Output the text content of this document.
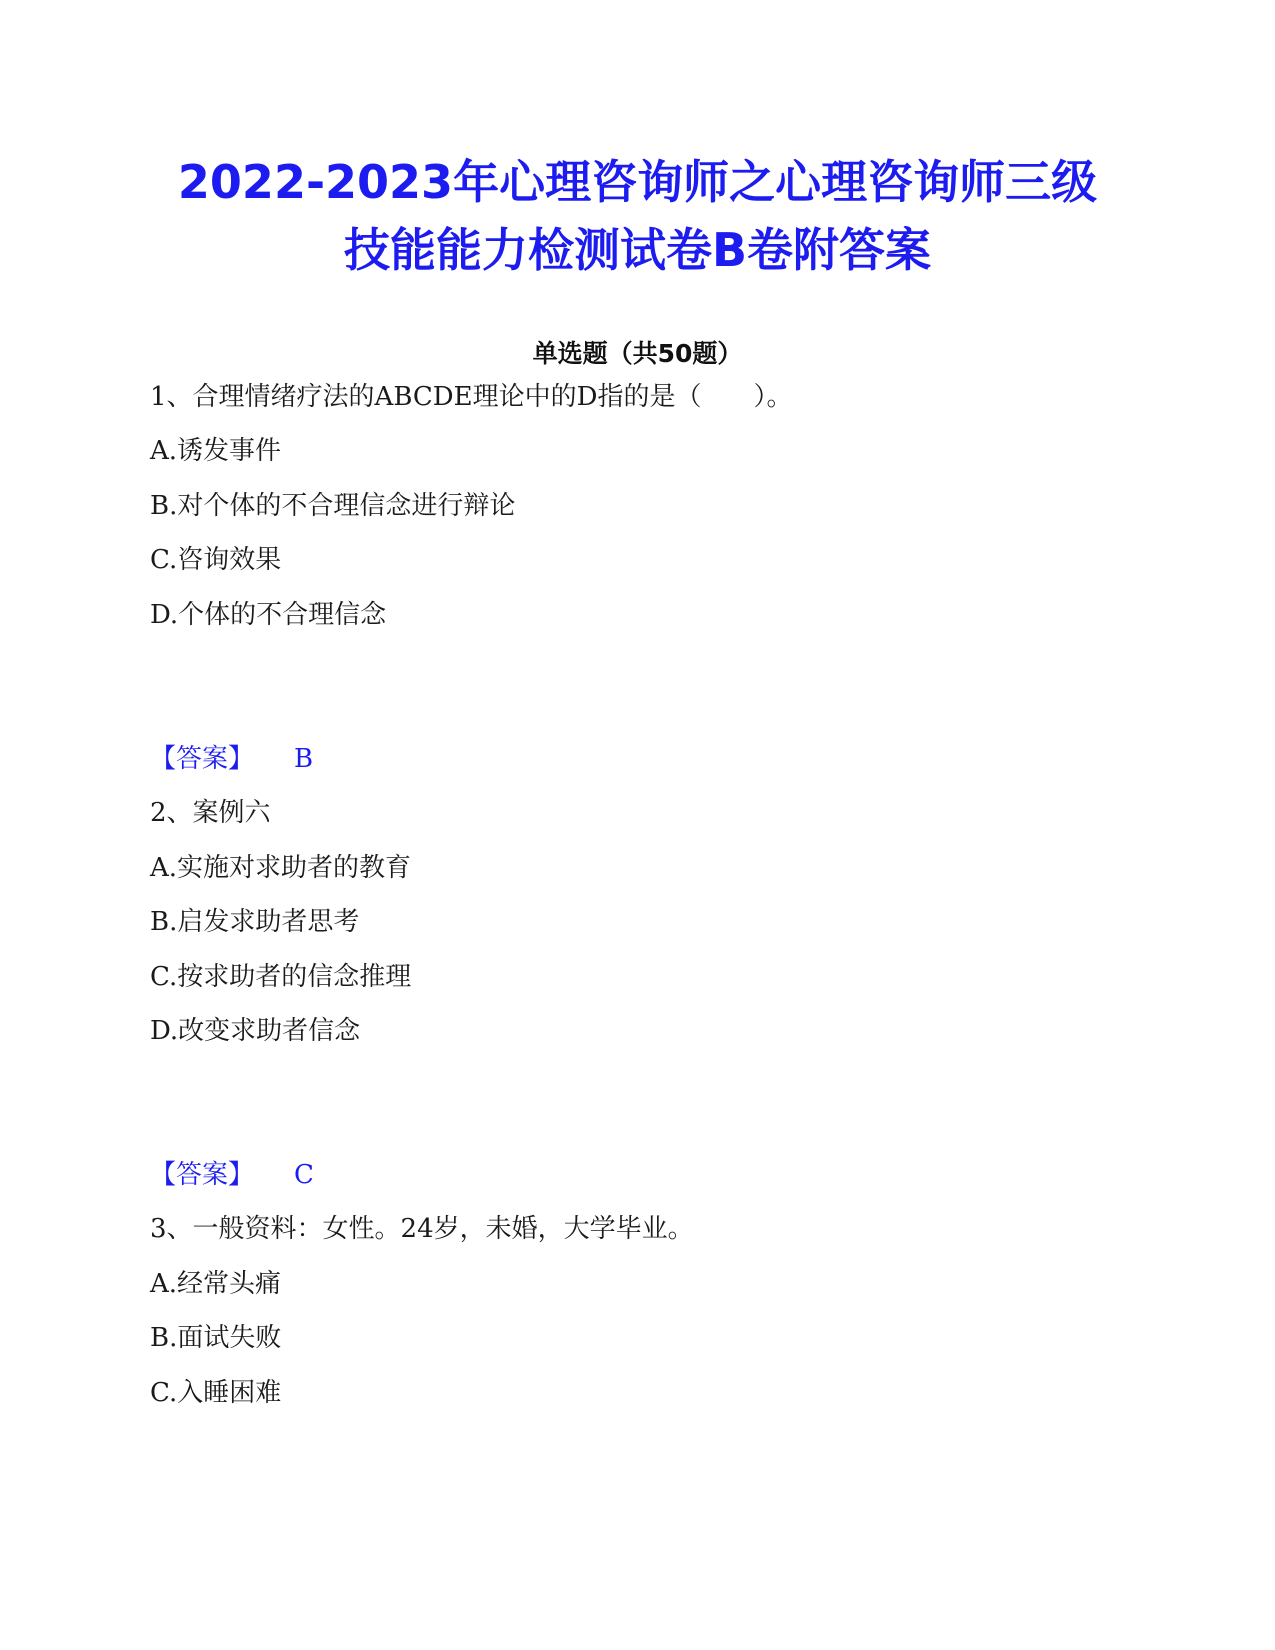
2022-2023年心理咨询师之心理咨询师三级
技能能力检测试卷B卷附答案
单选题（共50题）
1、合理情绪疗法的ABCDE理论中的D指的是（　　）。
A.诱发事件
B.对个体的不合理信念进行辩论
C.咨询效果
D.个体的不合理信念
【答案】 B
2、案例六
A.实施对求助者的教育
B.启发求助者思考
C.按求助者的信念推理
D.改变求助者信念
【答案】 C
3、一般资料：女性。24岁，未婚，大学毕业。
A.经常头痛
B.面试失败
C.入睡困难
